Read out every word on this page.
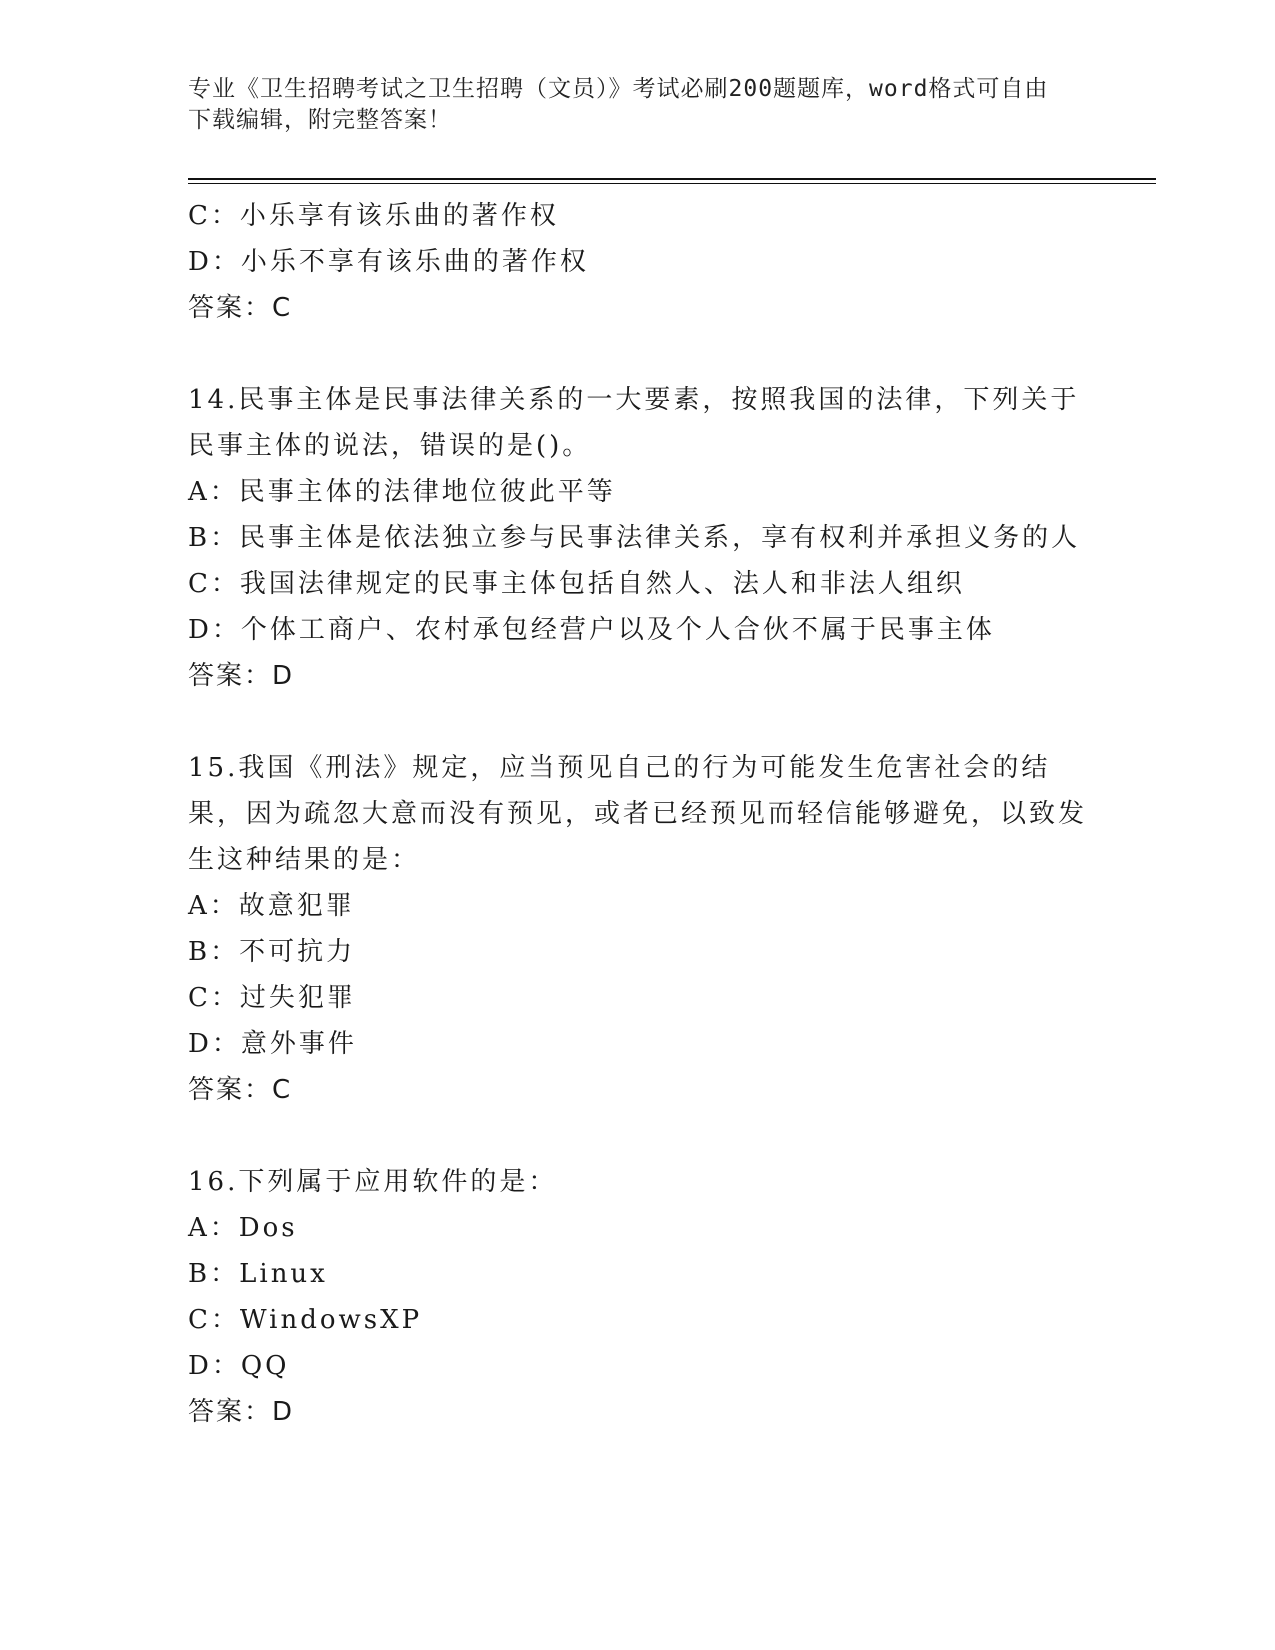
专业《卫生招聘考试之卫生招聘（文员）》考试必刷200题题库，word格式可自由下载编辑，附完整答案！
C：小乐享有该乐曲的著作权
D：小乐不享有该乐曲的著作权
答案：C
14.民事主体是民事法律关系的一大要素，按照我国的法律，下列关于民事主体的说法，错误的是()。
A：民事主体的法律地位彼此平等
B：民事主体是依法独立参与民事法律关系，享有权利并承担义务的人
C：我国法律规定的民事主体包括自然人、法人和非法人组织
D：个体工商户、农村承包经营户以及个人合伙不属于民事主体
答案：D
15.我国《刑法》规定，应当预见自己的行为可能发生危害社会的结果，因为疏忽大意而没有预见，或者已经预见而轻信能够避免，以致发生这种结果的是：
A：故意犯罪
B：不可抗力
C：过失犯罪
D：意外事件
答案：C
16.下列属于应用软件的是：
A：Dos
B：Linux
C：WindowsXP
D：QQ
答案：D
